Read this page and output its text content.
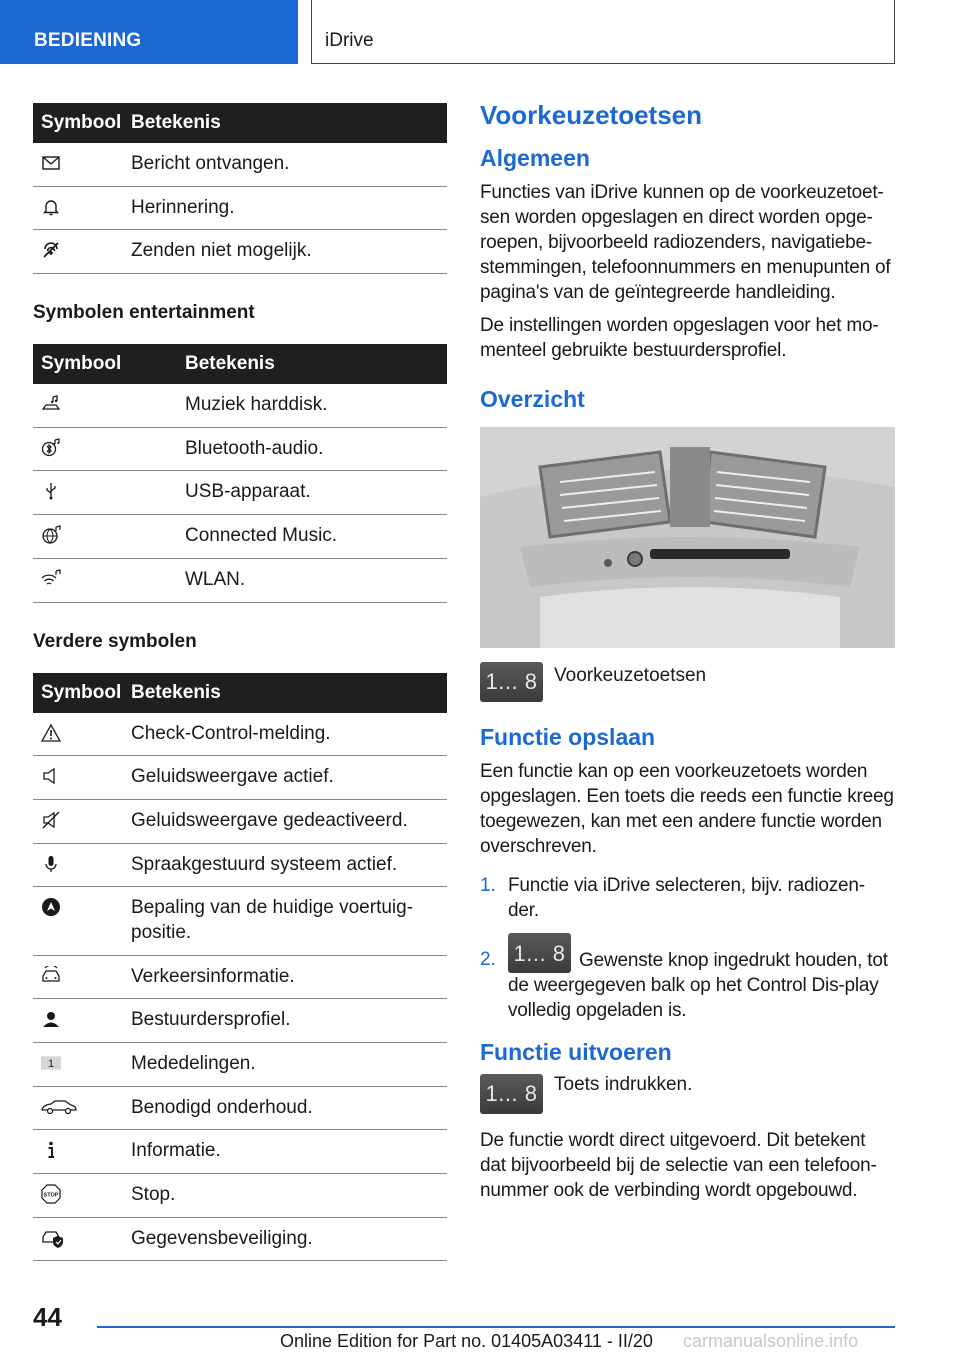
BEDIENING	iDrive
Symbool	Betekenis

	Bericht ontvangen.

	Herinnering.

	Zenden niet mogelijk.
Symbolen entertainment
Symbool	Betekenis

	Muziek harddisk.

	Bluetooth-audio.

	USB-apparaat.

	Connected Music.

	WLAN.
Verdere symbolen
Symbool	Betekenis

	Check-Control-melding.

	Geluidsweergave actief.

	Geluidsweergave gedeactiveerd.

	Spraakgestuurd systeem actief.

	Bepaling van de huidige voertuig-
positie.

	Verkeersinformatie.

	Bestuurdersprofiel.

1	Mededelingen.

	Benodigd onderhoud.

	Informatie.

STOP	Stop.

	Gegevensbeveiliging.
Voorkeuzetoetsen
Algemeen
Functies van iDrive kunnen op de voorkeuzetoet-sen worden opgeslagen en direct worden opge-roepen, bijvoorbeeld radiozenders, navigatiebe-stemmingen, telefoonnummers en menupunten of pagina's van de geïntegreerde handleiding.
De instellingen worden opgeslagen voor het mo-menteel gebruikte bestuurdersprofiel.
Overzicht
1... 8 Voorkeuzetoetsen
Functie opslaan
Een functie kan op een voorkeuzetoets worden opgeslagen. Een toets die reeds een functie kreeg toegewezen, kan met een andere functie worden overschreven.
1. Functie via iDrive selecteren, bijv. radiozen-der.
2. 1... 8 Gewenste knop ingedrukt houden, tot de weergegeven balk op het Control Dis-play volledig opgeladen is.
Functie uitvoeren
1... 8 Toets indrukken.
De functie wordt direct uitgevoerd. Dit betekent dat bijvoorbeeld bij de selectie van een telefoon-nummer ook de verbinding wordt opgebouwd.
44
Online Edition for Part no. 01405A03411 - II/20 carmanualsonline.info
